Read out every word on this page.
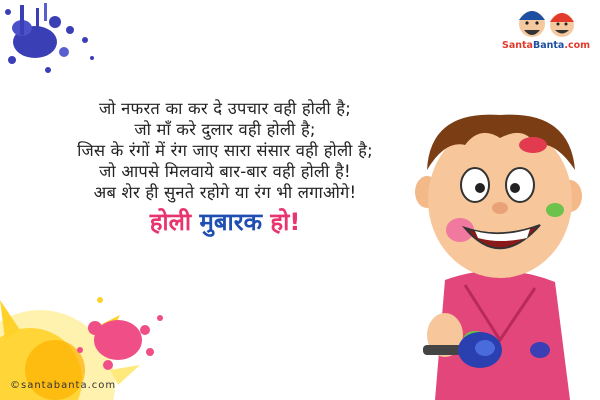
SantaBanta.com
जो नफरत का कर दे उपचार वही होली है;
जो माँ करे दुलार वही होली है;
जिस के रंगों में रंग जाए सारा संसार वही होली है;
जो आपसे मिलवाये बार-बार वही होली है!
अब शेर ही सुनते रहोगे या रंग भी लगाओगे!
होली मुबारक हो!
©santabanta.com
